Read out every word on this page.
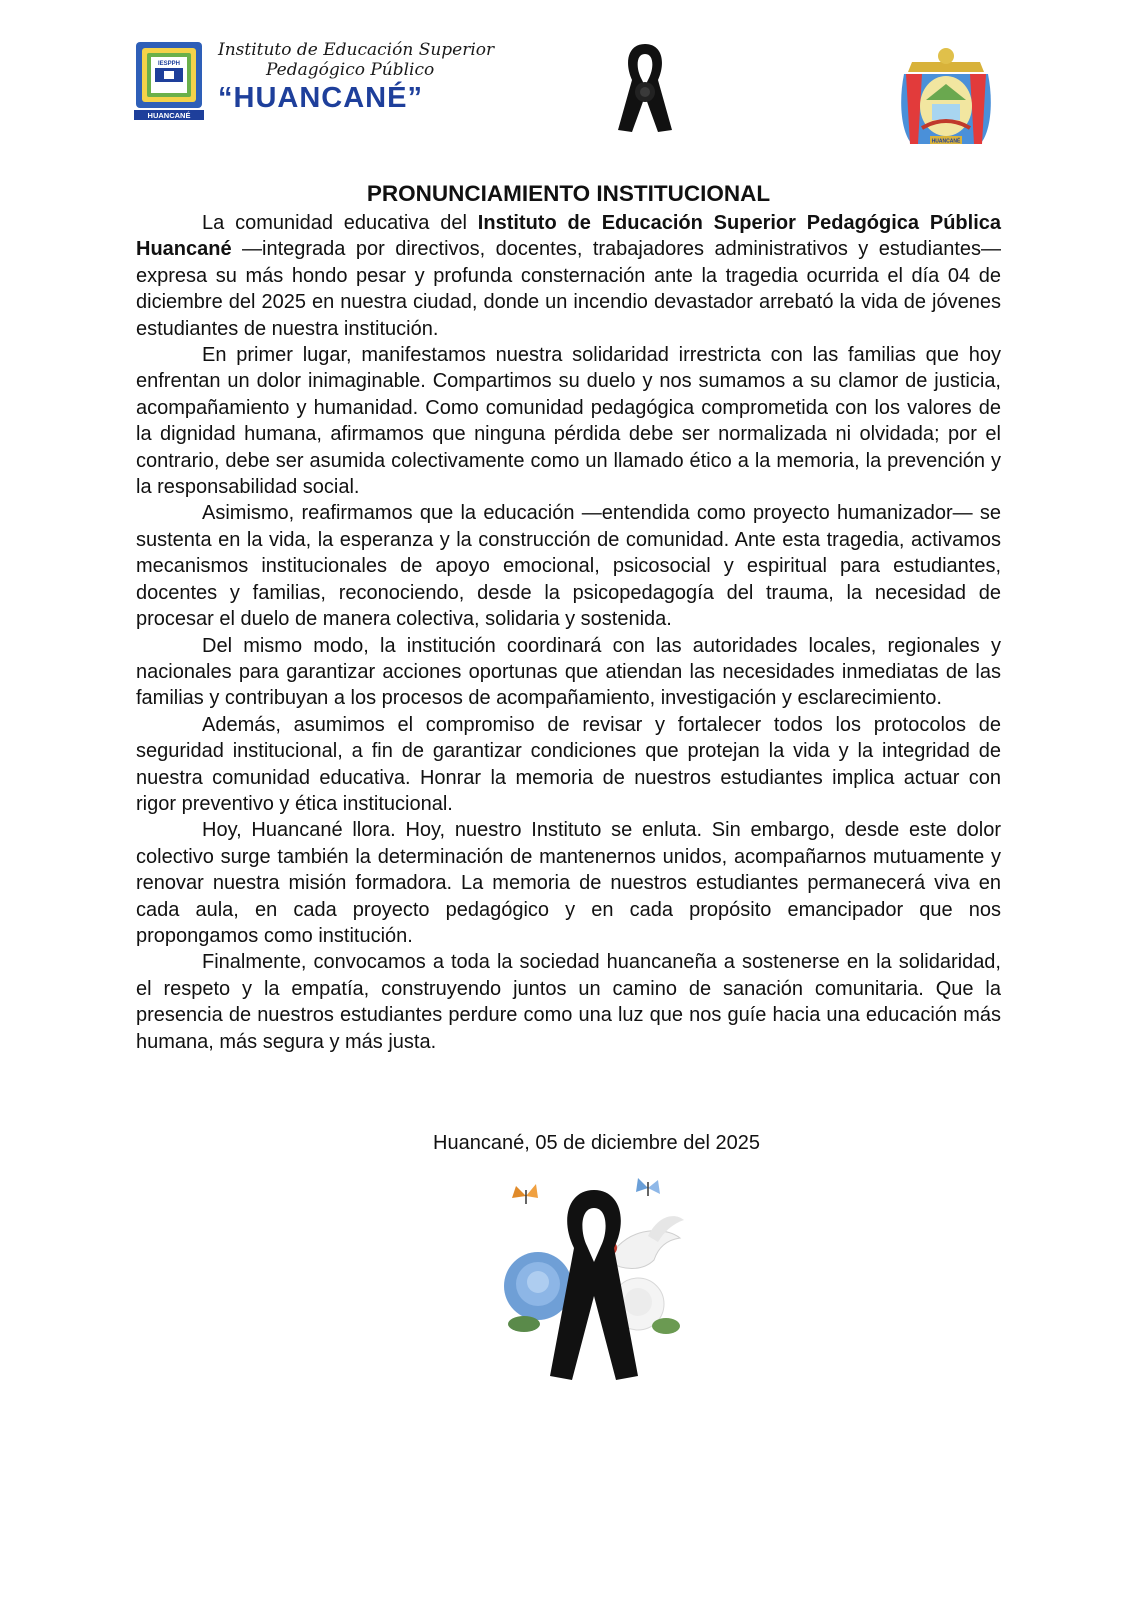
IESPPH
HUANCANÉ
Instituto de Educación Superior
Pedagógico Público
“HUANCANÉ”
HUANCANÉ
PRONUNCIAMIENTO INSTITUCIONAL

La comunidad educativa del Instituto de Educación Superior Pedagógica Pública Huancané —integrada por directivos, docentes, trabajadores administrativos y estudiantes— expresa su más hondo pesar y profunda consternación ante la tragedia ocurrida el día 04 de diciembre del 2025 en nuestra ciudad, donde un incendio devastador arrebató la vida de jóvenes estudiantes de nuestra institución.

En primer lugar, manifestamos nuestra solidaridad irrestricta con las familias que hoy enfrentan un dolor inimaginable. Compartimos su duelo y nos sumamos a su clamor de justicia, acompañamiento y humanidad. Como comunidad pedagógica comprometida con los valores de la dignidad humana, afirmamos que ninguna pérdida debe ser normalizada ni olvidada; por el contrario, debe ser asumida colectivamente como un llamado ético a la memoria, la prevención y la responsabilidad social.

Asimismo, reafirmamos que la educación —entendida como proyecto humanizador— se sustenta en la vida, la esperanza y la construcción de comunidad. Ante esta tragedia, activamos mecanismos institucionales de apoyo emocional, psicosocial y espiritual para estudiantes, docentes y familias, reconociendo, desde la psicopedagogía del trauma, la necesidad de procesar el duelo de manera colectiva, solidaria y sostenida.

Del mismo modo, la institución coordinará con las autoridades locales, regionales y nacionales para garantizar acciones oportunas que atiendan las necesidades inmediatas de las familias y contribuyan a los procesos de acompañamiento, investigación y esclarecimiento.

Además, asumimos el compromiso de revisar y fortalecer todos los protocolos de seguridad institucional, a fin de garantizar condiciones que protejan la vida y la integridad de nuestra comunidad educativa. Honrar la memoria de nuestros estudiantes implica actuar con rigor preventivo y ética institucional.

Hoy, Huancané llora. Hoy, nuestro Instituto se enluta. Sin embargo, desde este dolor colectivo surge también la determinación de mantenernos unidos, acompañarnos mutuamente y renovar nuestra misión formadora. La memoria de nuestros estudiantes permanecerá viva en cada aula, en cada proyecto pedagógico y en cada propósito emancipador que nos propongamos como institución.

Finalmente, convocamos a toda la sociedad huancaneña a sostenerse en la solidaridad, el respeto y la empatía, construyendo juntos un camino de sanación comunitaria. Que la presencia de nuestros estudiantes perdure como una luz que nos guíe hacia una educación más humana, más segura y más justa.

Huancané, 05 de diciembre del 2025
